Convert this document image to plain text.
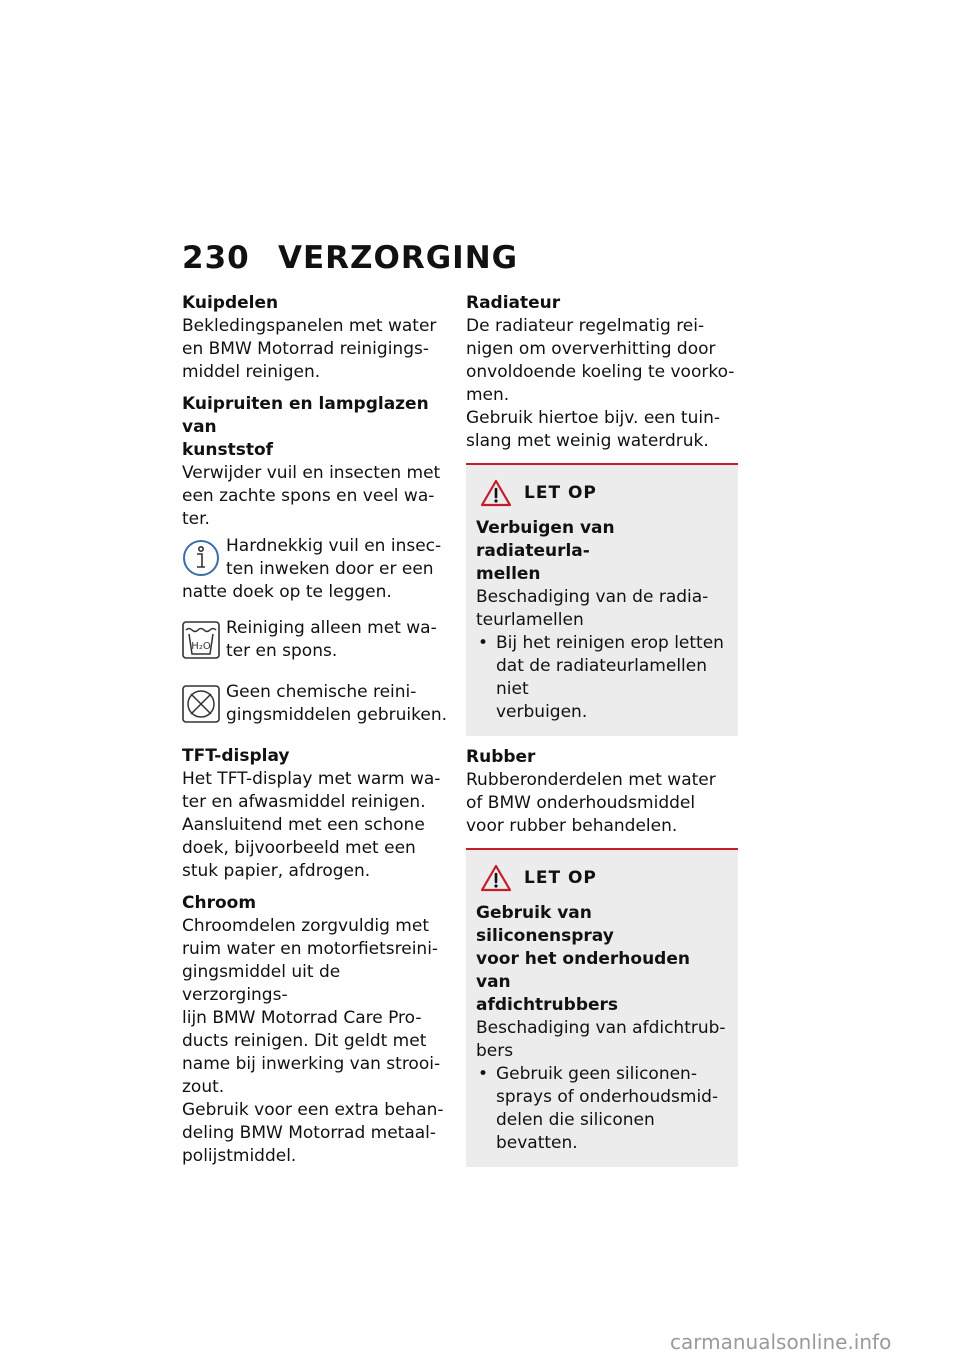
230 VERZORGING
Kuipdelen

Bekledingspanelen met water

en BMW Motorrad reinigings-

middel reinigen.

Kuipruiten en lampglazen van
kunststof

Verwijder vuil en insecten met

een zachte spons en veel wa-

ter.

Hardnekkig vuil en insec-

ten inweken door er een

natte doek op te leggen.

H₂O

Reiniging alleen met wa-

ter en spons.

Geen chemische reini-

gingsmiddelen gebruiken.

TFT-display

Het TFT-display met warm wa-

ter en afwasmiddel reinigen.

Aansluitend met een schone

doek, bijvoorbeeld met een

stuk papier, afdrogen.

Chroom

Chroomdelen zorgvuldig met

ruim water en motorfietsreini-

gingsmiddel uit de verzorgings-

lijn BMW Motorrad Care Pro-

ducts reinigen. Dit geldt met

name bij inwerking van strooi-

zout.

Gebruik voor een extra behan-

deling BMW Motorrad metaal-

polijstmiddel.

Radiateur

De radiateur regelmatig rei-

nigen om oververhitting door

onvoldoende koeling te voorko-

men.

Gebruik hiertoe bijv. een tuin-

slang met weinig waterdruk.

LET OP
Verbuigen van radiateurla-
mellen

Beschadiging van de radia-

teurlamellen

• Bij het reinigen erop letten

dat de radiateurlamellen niet

verbuigen.

Rubber

Rubberonderdelen met water

of BMW onderhoudsmiddel

voor rubber behandelen.

LET OP
Gebruik van siliconenspray
voor het onderhouden van
afdichtrubbers

Beschadiging van afdichtrub-

bers

• Gebruik geen siliconen-

sprays of onderhoudsmid-

delen die siliconen bevatten.

carmanualsonline.info
